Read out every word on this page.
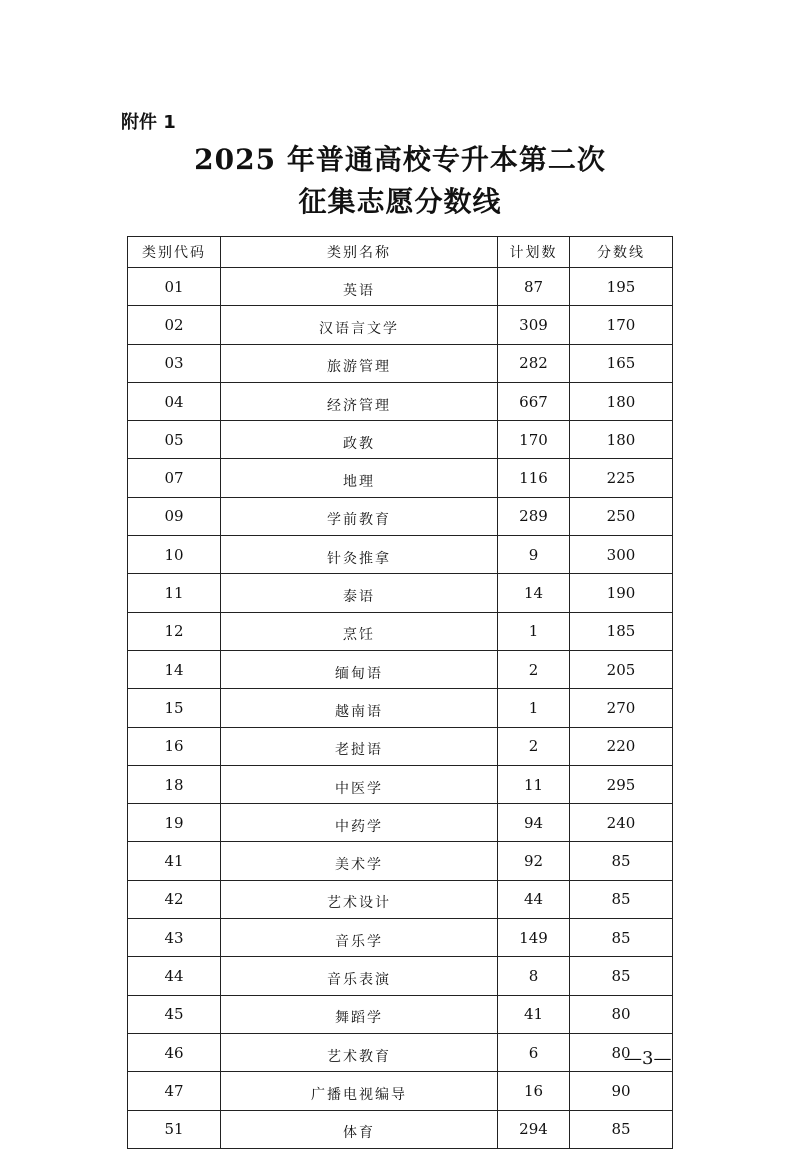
附件 1
2025 年普通高校专升本第二次
征集志愿分数线
类别代码	类别名称	计划数	分数线
01	英语	87	195
02	汉语言文学	309	170
03	旅游管理	282	165
04	经济管理	667	180
05	政教	170	180
07	地理	116	225
09	学前教育	289	250
10	针灸推拿	9	300
11	泰语	14	190
12	烹饪	1	185
14	缅甸语	2	205
15	越南语	1	270
16	老挝语	2	220
18	中医学	11	295
19	中药学	94	240
41	美术学	92	85
42	艺术设计	44	85
43	音乐学	149	85
44	音乐表演	8	85
45	舞蹈学	41	80
46	艺术教育	6	80
47	广播电视编导	16	90
51	体育	294	85
—3—
